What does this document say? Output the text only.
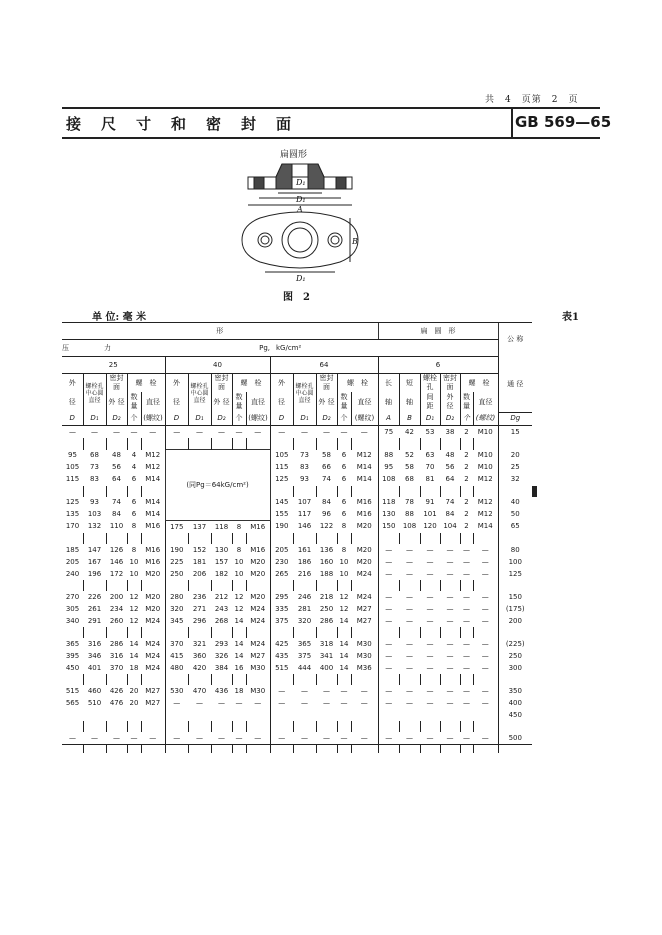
共　4　页第　2　页
接尺寸和密封面	GB 569—65
扁圆形
D₁
D₁
A
B
D₁
图　2
单 位: 毫 米	表1
形															扁　圆　形						公 称			
压　　　　　力					Pg,					kG/cm²														
25					40					64					6						通 径			
外	螺栓孔中心圆直径	密封面	螺　栓		外	螺栓孔中心圆直径	密封面	螺　栓		外	螺栓孔中心圆直径	密封面	螺　栓		长	短	螺栓孔	密封面	螺　栓					
径		外 径	数量	直径	径		外 径	数量	直径	径		外 径	数量	直径	轴	轴	间　距	外　径	数量	直径				
D	D₁	D₂	个	(螺纹)	D	D₁	D₂	个	(螺纹)	D	D₁	D₂	个	(螺纹)	A	B	D₁	D₂	个	(螺纹)	Dg			
—	—	—	—	—	—	—	—	—	—	—	—	—	—	—	75	42	53	38	2	M10	15			

95	68	48	4	M12	(同Pg＝64kG/cm²)					105	73	58	6	M12	88	52	63	48	2	M10	20			
105	73	56	4	M12						115	83	66	6	M14	95	58	70	56	2	M10	25			
115	83	64	6	M14						125	93	74	6	M14	108	68	81	64	2	M12	32			

125	93	74	6	M14						145	107	84	6	M16	118	78	91	74	2	M12	40			
135	103	84	6	M14						155	117	96	6	M16	130	88	101	84	2	M12	50			
170	132	110	8	M16	175	137	118	8	M16	190	146	122	8	M20	150	108	120	104	2	M14	65			

185	147	126	8	M16	190	152	130	8	M16	205	161	136	8	M20	—	—	—	—	—	—	80			
205	167	146	10	M16	225	181	157	10	M20	230	186	160	10	M20	—	—	—	—	—	—	100			
240	196	172	10	M20	250	206	182	10	M20	265	216	188	10	M24	—	—	—	—	—	—	125			

270	226	200	12	M20	280	236	212	12	M20	295	246	218	12	M24	—	—	—	—	—	—	150			
305	261	234	12	M20	320	271	243	12	M24	335	281	250	12	M27	—	—	—	—	—	—	(175)			
340	291	260	12	M24	345	296	268	14	M24	375	320	286	14	M27	—	—	—	—	—	—	200			

365	316	286	14	M24	370	321	293	14	M24	425	365	318	14	M30	—	—	—	—	—	—	(225)			
395	346	316	14	M24	415	360	326	14	M27	435	375	341	14	M30	—	—	—	—	—	—	250			
450	401	370	18	M24	480	420	384	16	M30	515	444	400	14	M36	—	—	—	—	—	—	300			

515	460	426	20	M27	530	470	436	18	M30	—	—	—	—	—	—	—	—	—	—	—	350			
565	510	476	20	M27	—	—	—	—	—	—	—	—	—	—	—	—	—	—	—	—	400			
																					450			

—	—	—	—	—	—	—	—	—	—	—	—	—	—	—	—	—	—	—	—	—	500			
